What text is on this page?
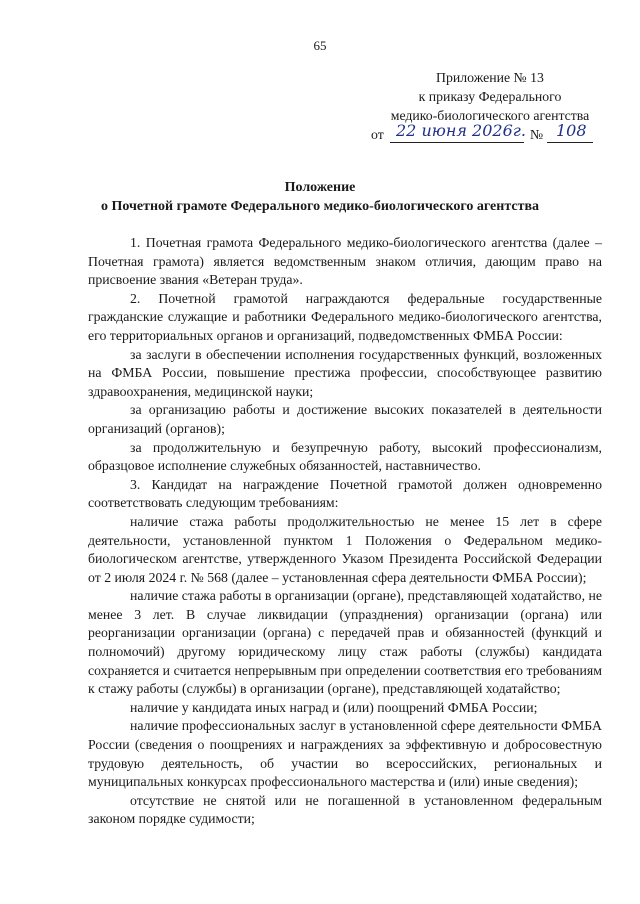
65
Приложение № 13
к приказу Федерального
медико-биологического агентства
от 22 июня 2026г. № 108
Положение
о Почетной грамоте Федерального медико-биологического агентства

1. Почетная грамота Федерального медико-биологического агентства (далее – Почетная грамота) является ведомственным знаком отличия, дающим право на присвоение звания «Ветеран труда».

2. Почетной грамотой награждаются федеральные государственные гражданские служащие и работники Федерального медико-биологического агентства, его территориальных органов и организаций, подведомственных ФМБА России:

за заслуги в обеспечении исполнения государственных функций, возложенных на ФМБА России, повышение престижа профессии, способствующее развитию здравоохранения, медицинской науки;

за организацию работы и достижение высоких показателей в деятельности организаций (органов);

за продолжительную и безупречную работу, высокий профессионализм, образцовое исполнение служебных обязанностей, наставничество.

3. Кандидат на награждение Почетной грамотой должен одновременно соответствовать следующим требованиям:

наличие стажа работы продолжительностью не менее 15 лет в сфере деятельности, установленной пунктом 1 Положения о Федеральном медико-биологическом агентстве, утвержденного Указом Президента Российской Федерации от 2 июля 2024 г. № 568 (далее – установленная сфера деятельности ФМБА России);

наличие стажа работы в организации (органе), представляющей ходатайство, не менее 3 лет. В случае ликвидации (упразднения) организации (органа) или реорганизации организации (органа) с передачей прав и обязанностей (функций и полномочий) другому юридическому лицу стаж работы (службы) кандидата сохраняется и считается непрерывным при определении соответствия его требованиям к стажу работы (службы) в организации (органе), представляющей ходатайство;

наличие у кандидата иных наград и (или) поощрений ФМБА России;

наличие профессиональных заслуг в установленной сфере деятельности ФМБА России (сведения о поощрениях и награждениях за эффективную и добросовестную трудовую деятельность, об участии во всероссийских, региональных и муниципальных конкурсах профессионального мастерства и (или) иные сведения);

отсутствие не снятой или не погашенной в установленном федеральным законом порядке судимости;
